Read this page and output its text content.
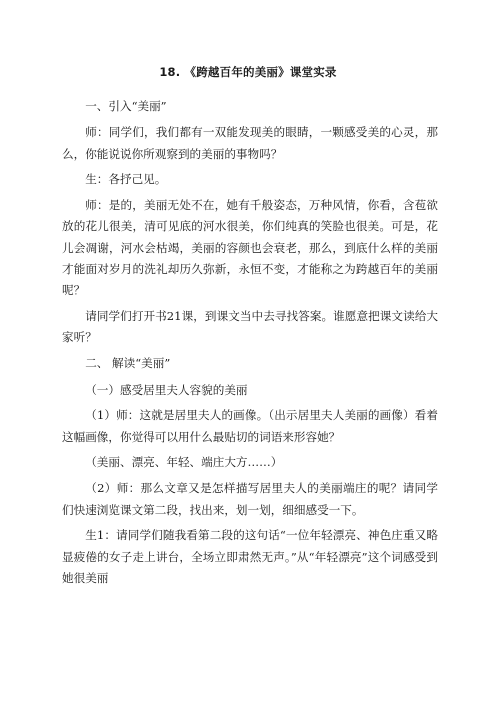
18. 《跨越百年的美丽》课堂实录

一、引入“美丽”

师：同学们，我们都有一双能发现美的眼睛，一颗感受美的心灵，那么，你能说说你所观察到的美丽的事物吗？

生：各抒己见。

师：是的，美丽无处不在，她有千般姿态，万种风情，你看，含苞欲放的花儿很美，清可见底的河水很美，你们纯真的笑脸也很美。可是，花儿会凋谢，河水会枯竭，美丽的容颜也会衰老，那么，到底什么样的美丽才能面对岁月的洗礼却历久弥新，永恒不变，才能称之为跨越百年的美丽呢？

请同学们打开书21课，到课文当中去寻找答案。谁愿意把课文读给大家听？

二、 解读“美丽”

（一）感受居里夫人容貌的美丽

（1）师：这就是居里夫人的画像。（出示居里夫人美丽的画像）看着这幅画像，你觉得可以用什么最贴切的词语来形容她？

（美丽、漂亮、年轻、端庄大方……）

（2）师：那么文章又是怎样描写居里夫人的美丽端庄的呢？请同学们快速浏览课文第二段，找出来，划一划，细细感受一下。

生1：请同学们随我看第二段的这句话“一位年轻漂亮、神色庄重又略显疲倦的女子走上讲台，全场立即肃然无声。”从“年轻漂亮”这个词感受到她很美丽
